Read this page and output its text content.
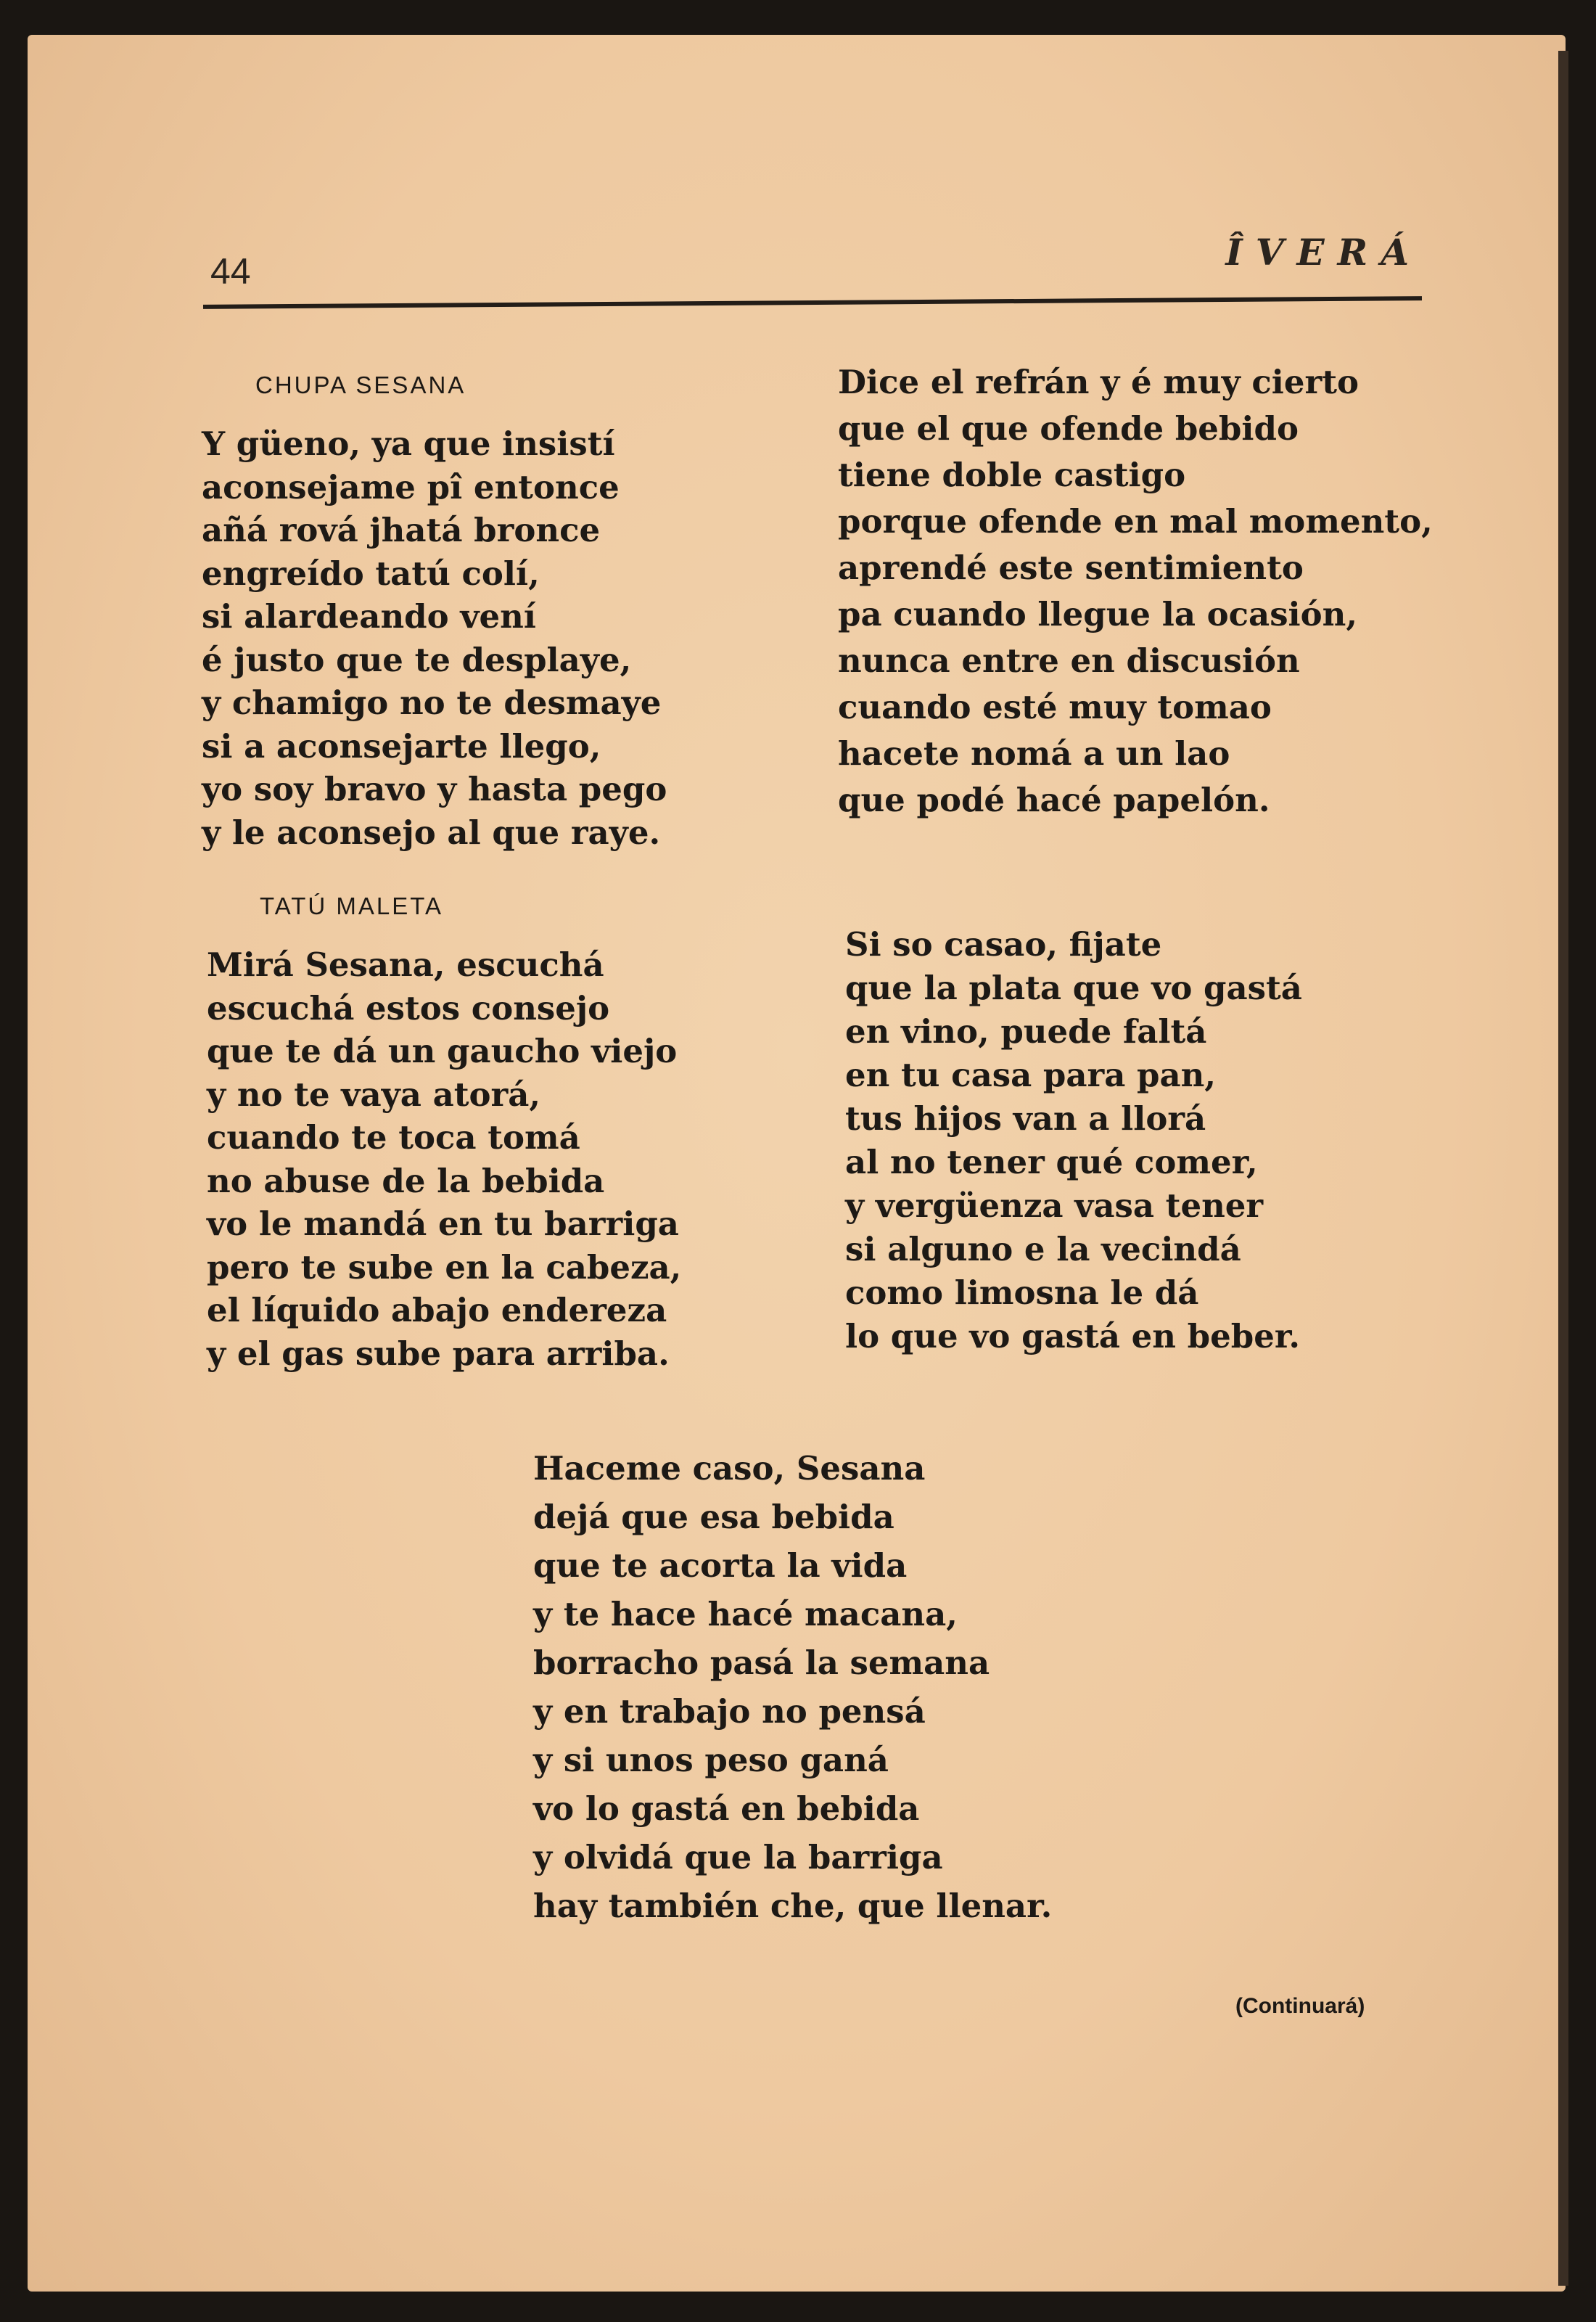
44	ÎVERÁ
CHUPA SESANA
Y güeno, ya que insistí
aconsejame pî entonce
añá rová jhatá bronce
engreído tatú colí,
si alardeando vení
é justo que te desplaye,
y chamigo no te desmaye
si a aconsejarte llego,
yo soy bravo y hasta pego
y le aconsejo al que raye.
TATÚ MALETA
Mirá Sesana, escuchá
escuchá estos consejo
que te dá un gaucho viejo
y no te vaya atorá,
cuando te toca tomá
no abuse de la bebida
vo le mandá en tu barriga
pero te sube en la cabeza,
el líquido abajo endereza
y el gas sube para arriba.
Dice el refrán y é muy cierto
que el que ofende bebido
tiene doble castigo
porque ofende en mal momento,
aprendé este sentimiento
pa cuando llegue la ocasión,
nunca entre en discusión
cuando esté muy tomao
hacete nomá a un lao
que podé hacé papelón.
Si so casao, fijate
que la plata que vo gastá
en vino, puede faltá
en tu casa para pan,
tus hijos van a llorá
al no tener qué comer,
y vergüenza vasa tener
si alguno e la vecindá
como limosna le dá
lo que vo gastá en beber.
Haceme caso, Sesana
dejá que esa bebida
que te acorta la vida
y te hace hacé macana,
borracho pasá la semana
y en trabajo no pensá
y si unos peso ganá
vo lo gastá en bebida
y olvidá que la barriga
hay también che, que llenar.
(Continuará)
